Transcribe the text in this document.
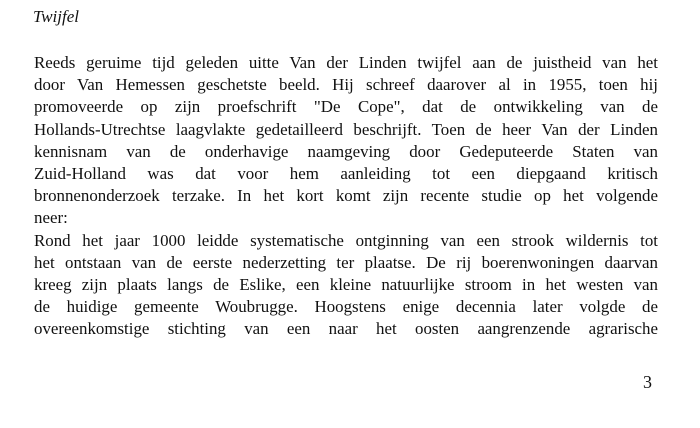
Twijfel
Reeds geruime tijd geleden uitte Van der Linden twijfel aan de juistheid van het
door Van Hemessen geschetste beeld. Hij schreef daarover al in 1955, toen hij
promoveerde op zijn proefschrift "De Cope", dat de ontwikkeling van de
Hollands-Utrechtse laagvlakte gedetailleerd beschrijft. Toen de heer Van der Linden
kennisnam van de onderhavige naamgeving door Gedeputeerde Staten van
Zuid-Holland was dat voor hem aanleiding tot een diepgaand kritisch
bronnenonderzoek terzake. In het kort komt zijn recente studie op het volgende
neer:
Rond het jaar 1000 leidde systematische ontginning van een strook wildernis tot
het ontstaan van de eerste nederzetting ter plaatse. De rij boerenwoningen daarvan
kreeg zijn plaats langs de Eslike, een kleine natuurlijke stroom in het westen van
de huidige gemeente Woubrugge. Hoogstens enige decennia later volgde de
overeenkomstige stichting van een naar het oosten aangrenzende agrarische
3
